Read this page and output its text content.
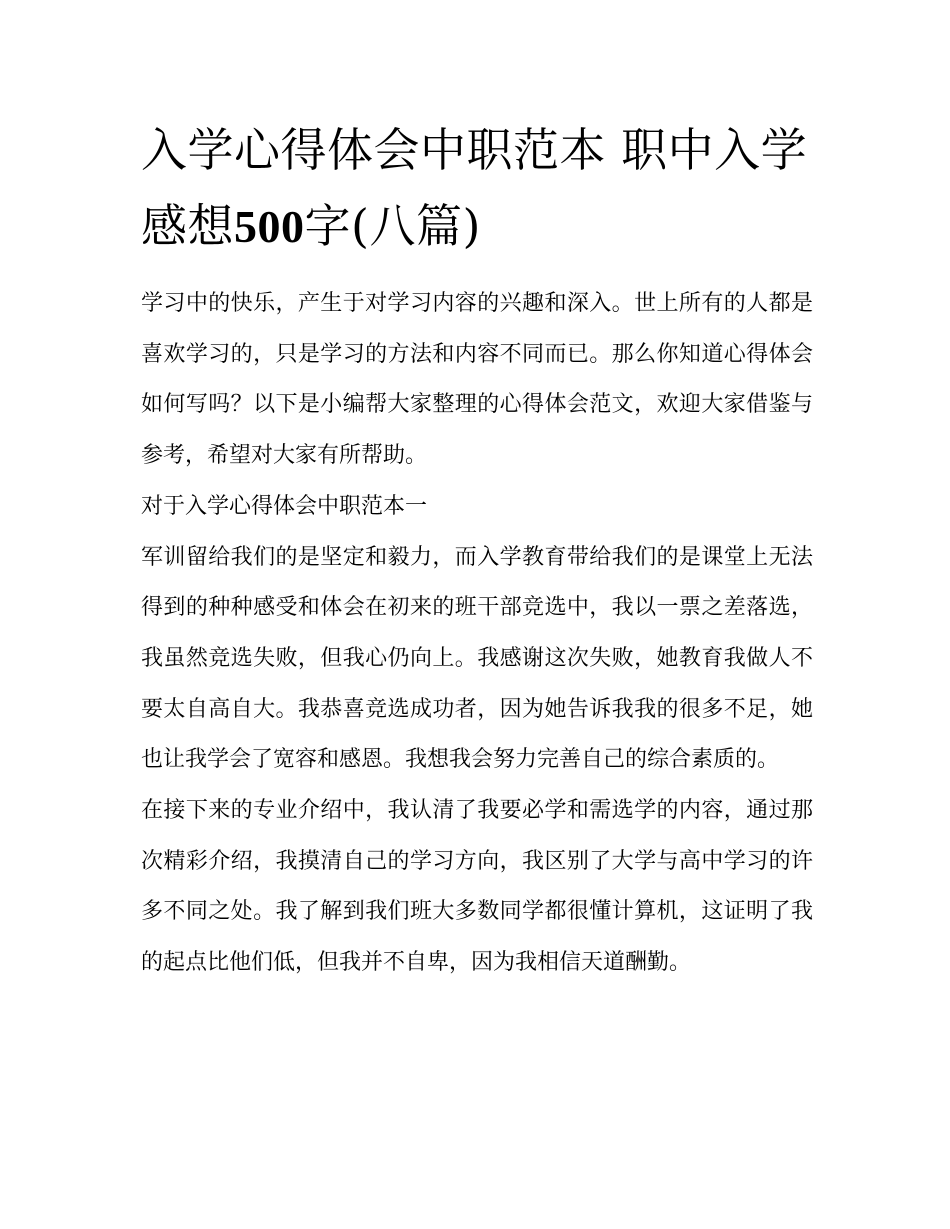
入学心得体会中职范本 职中入学感想500字(八篇)

学习中的快乐，产生于对学习内容的兴趣和深入。世上所有的人都是喜欢学习的，只是学习的方法和内容不同而已。那么你知道心得体会如何写吗？以下是小编帮大家整理的心得体会范文，欢迎大家借鉴与参考，希望对大家有所帮助。

对于入学心得体会中职范本一

军训留给我们的是坚定和毅力，而入学教育带给我们的是课堂上无法得到的种种感受和体会在初来的班干部竞选中，我以一票之差落选，我虽然竞选失败，但我心仍向上。我感谢这次失败，她教育我做人不要太自高自大。我恭喜竞选成功者，因为她告诉我我的很多不足，她也让我学会了宽容和感恩。我想我会努力完善自己的综合素质的。

在接下来的专业介绍中，我认清了我要必学和需选学的内容，通过那次精彩介绍，我摸清自己的学习方向，我区别了大学与高中学习的许多不同之处。我了解到我们班大多数同学都很懂计算机，这证明了我的起点比他们低，但我并不自卑，因为我相信天道酬勤。
